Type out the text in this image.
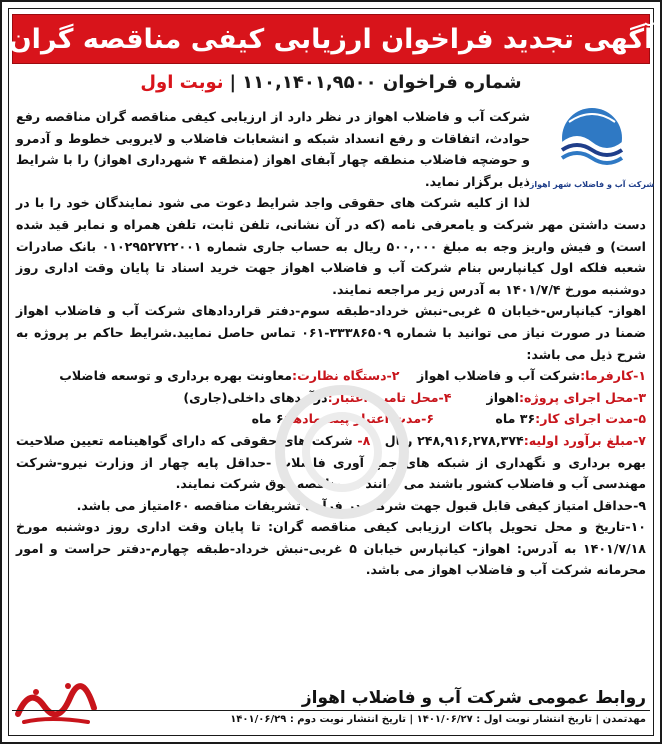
آگهی تجدید فراخوان ارزیابی کیفی مناقصه گران
شماره فراخوان ۱۱۰,۱۴۰۱,۹۵۰۰
|
نوبت اول
شرکت آب و فاضلاب شهر اهواز

شرکت آب و فاضلاب اهواز در نظر دارد از ارزیابی کیفی مناقصه گران مناقصه رفع حوادث، اتفاقات و رفع انسداد شبکه و انشعابات فاضلاب و لایروبی خطوط و آدمرو و حوضچه فاضلاب منطقه چهار آبفای اهواز (منطقه ۴ شهرداری اهواز) را با شرایط ذیل برگزار نماید.

لذا از کلیه شرکت های حقوقی واجد شرایط دعوت می شود نمایندگان خود را با در دست داشتن مهر شرکت و یامعرفی نامه (که در آن نشانی، تلفن ثابت، تلفن همراه و نمابر قید شده است) و فیش واریز وجه به مبلغ ۵۰۰,۰۰۰ ریال به حساب جاری شماره ۰۱۰۲۹۵۲۷۲۲۰۰۱ بانک صادرات شعبه فلکه اول کیانپارس بنام شرکت آب و فاضلاب اهواز جهت خرید اسناد تا پایان وقت اداری روز دوشنبه مورخ ۱۴۰۱/۷/۴ به آدرس زیر مراجعه نمایند.

اهواز- کیانپارس-خیابان ۵ غربی-نبش خرداد-طبقه سوم-دفتر قراردادهای شرکت آب و فاضلاب اهواز ضمنا در صورت نیاز می توانید با شماره ۳۳۳۸۶۵۰۹-۰۶۱ تماس حاصل نمایید.شرایط حاکم بر پروژه به شرح ذیل می باشد:

۱-کارفرما:شرکت آب و فاضلاب اهواز    ۲-دستگاه نظارت:معاونت بهره برداری و توسعه فاضلاب

۳-محل اجرای پروژه:اهواز        ۴-محل تامین اعتبار:درآمدهای داخلی(جاری)

۵-مدت اجرای کار:۳۶ ماه              ۶-مدت اعتبار پیشنهادها:۶ ماه

۷-مبلغ برآورد اولیه:۲۴۸,۹۱۶,۲۷۸,۳۷۴ ریال   ۸- شرکت های حقوقی که دارای گواهینامه تعیین صلاحیت بهره برداری و نگهداری از شبکه های جمع آوری فاضلاب -حداقل پایه چهار از وزارت نیرو-شرکت مهندسی آب و فاضلاب کشور باشند می توانند در مناقصه فوق شرکت نمایند.

۹-حداقل امتیاز کیفی قابل قبول جهت شرکت در فرآیند تشریفات مناقصه ۶۰امتیاز می باشد.

۱۰-تاریخ و محل تحویل پاکات ارزیابی کیفی مناقصه گران: تا پایان وقت اداری روز دوشنبه مورخ ۱۴۰۱/۷/۱۸ به آدرس: اهواز- کیانپارس خیابان ۵ غربی-نبش خرداد-طبقه چهارم-دفتر حراست و امور محرمانه شرکت آب و فاضلاب اهواز می باشد.

روابط عمومی شرکت آب و فاضلاب اهواز
مهدتمدن | تاریخ انتشار نوبت اول : ۱۴۰۱/۰۶/۲۷ | تاریخ انتشار نوبت دوم : ۱۴۰۱/۰۶/۲۹
